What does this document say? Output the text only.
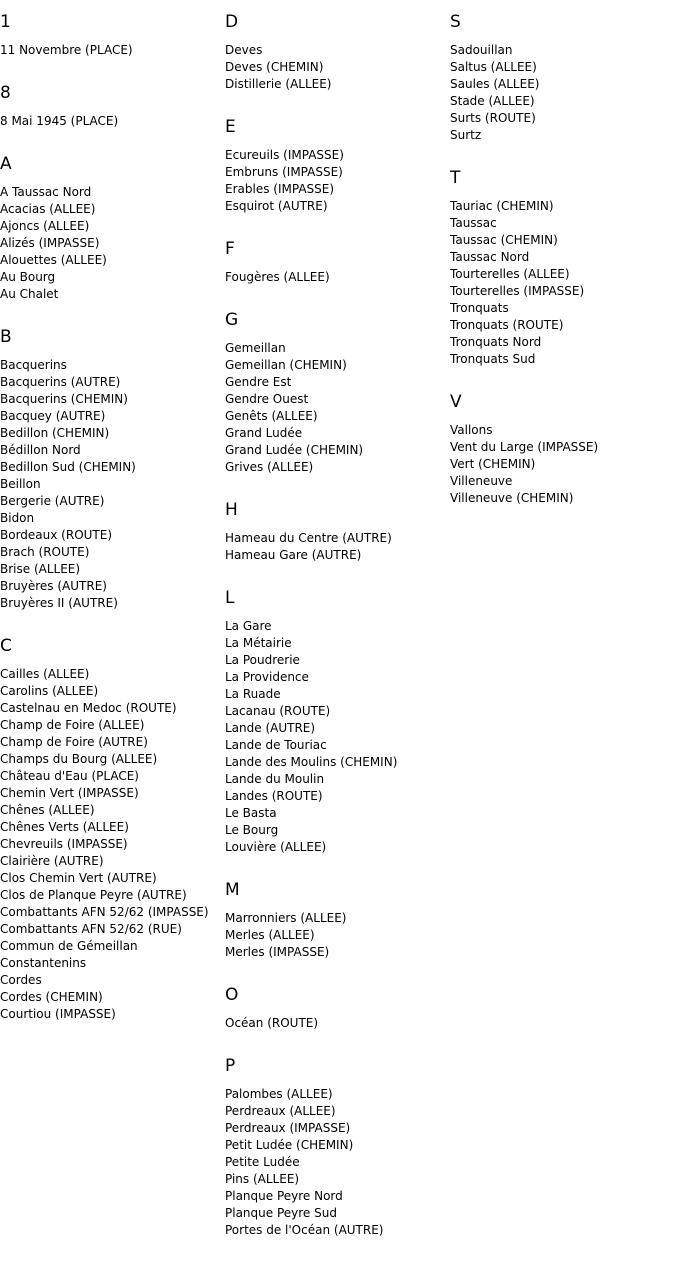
1
11 Novembre (PLACE)
8
8 Mai 1945 (PLACE)
A
A Taussac Nord
Acacias (ALLEE)
Ajoncs (ALLEE)
Alizés (IMPASSE)
Alouettes (ALLEE)
Au Bourg
Au Chalet
B
Bacquerins
Bacquerins (AUTRE)
Bacquerins (CHEMIN)
Bacquey (AUTRE)
Bedillon (CHEMIN)
Bédillon Nord
Bedillon Sud (CHEMIN)
Beillon
Bergerie (AUTRE)
Bidon
Bordeaux (ROUTE)
Brach (ROUTE)
Brise (ALLEE)
Bruyères (AUTRE)
Bruyères II (AUTRE)
C
Cailles (ALLEE)
Carolins (ALLEE)
Castelnau en Medoc (ROUTE)
Champ de Foire (ALLEE)
Champ de Foire (AUTRE)
Champs du Bourg (ALLEE)
Château d'Eau (PLACE)
Chemin Vert (IMPASSE)
Chênes (ALLEE)
Chênes Verts (ALLEE)
Chevreuils (IMPASSE)
Clairière (AUTRE)
Clos Chemin Vert (AUTRE)
Clos de Planque Peyre (AUTRE)
Combattants AFN 52/62 (IMPASSE)
Combattants AFN 52/62 (RUE)
Commun de Gémeillan
Constantenins
Cordes
Cordes (CHEMIN)
Courtiou (IMPASSE)
D
Deves
Deves (CHEMIN)
Distillerie (ALLEE)
E
Ecureuils (IMPASSE)
Embruns (IMPASSE)
Erables (IMPASSE)
Esquirot (AUTRE)
F
Fougères (ALLEE)
G
Gemeillan
Gemeillan (CHEMIN)
Gendre Est
Gendre Ouest
Genêts (ALLEE)
Grand Ludée
Grand Ludée (CHEMIN)
Grives (ALLEE)
H
Hameau du Centre (AUTRE)
Hameau Gare (AUTRE)
L
La Gare
La Métairie
La Poudrerie
La Providence
La Ruade
Lacanau (ROUTE)
Lande (AUTRE)
Lande de Touriac
Lande des Moulins (CHEMIN)
Lande du Moulin
Landes (ROUTE)
Le Basta
Le Bourg
Louvière (ALLEE)
M
Marronniers (ALLEE)
Merles (ALLEE)
Merles (IMPASSE)
O
Océan (ROUTE)
P
Palombes (ALLEE)
Perdreaux (ALLEE)
Perdreaux (IMPASSE)
Petit Ludée (CHEMIN)
Petite Ludée
Pins (ALLEE)
Planque Peyre Nord
Planque Peyre Sud
Portes de l'Océan (AUTRE)
S
Sadouillan
Saltus (ALLEE)
Saules (ALLEE)
Stade (ALLEE)
Surts (ROUTE)
Surtz
T
Tauriac (CHEMIN)
Taussac
Taussac (CHEMIN)
Taussac Nord
Tourterelles (ALLEE)
Tourterelles (IMPASSE)
Tronquats
Tronquats (ROUTE)
Tronquats Nord
Tronquats Sud
V
Vallons
Vent du Large (IMPASSE)
Vert (CHEMIN)
Villeneuve
Villeneuve (CHEMIN)
